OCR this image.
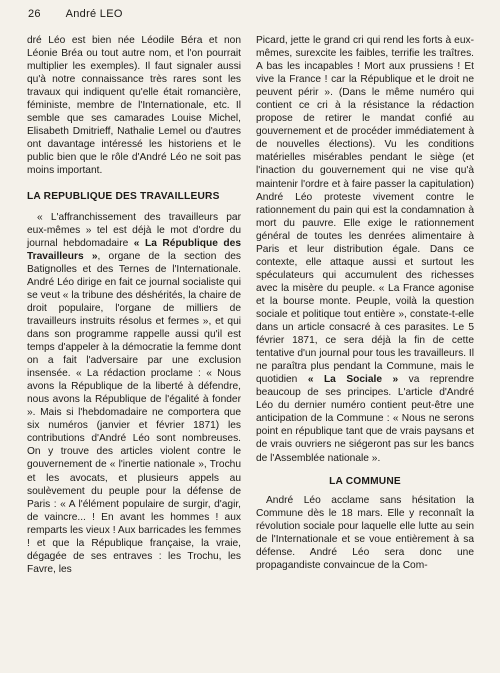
26 André LEO

dré Léo est bien née Léodile Béra et non Léonie Bréa ou tout autre nom, et l'on pourrait multiplier les exemples). Il faut signaler aussi qu'à notre connaissance très rares sont les travaux qui indiquent qu'elle était romancière, féministe, membre de l'Internationale, etc. Il semble que ses camarades Louise Michel, Elisabeth Dmitrieff, Nathalie Lemel ou d'autres ont davantage intéressé les historiens et le public bien que le rôle d'André Léo ne soit pas moins important.

LA REPUBLIQUE DES TRAVAILLEURS

« L'affranchissement des travailleurs par eux-mêmes » tel est déjà le mot d'ordre du journal hebdomadaire « La République des Travailleurs », organe de la section des Batignolles et des Ternes de l'Internationale. André Léo dirige en fait ce journal socialiste qui se veut « la tribune des déshérités, la chaire de droit populaire, l'organe de milliers de travailleurs instruits résolus et fermes », et qui dans son programme rappelle aussi qu'il est temps d'appeler à la démocratie la femme dont on a fait l'adversaire par une exclusion insensée. « La rédaction proclame : « Nous avons la République de la liberté à défendre, nous avons la République de l'égalité à fonder ». Mais si l'hebdomadaire ne comportera que six numéros (janvier et février 1871) les contributions d'André Léo sont nombreuses. On y trouve des articles violent contre le gouvernement de « l'inertie nationale », Trochu et les avocats, et plusieurs appels au soulèvement du peuple pour la défense de Paris : « A l'élément populaire de surgir, d'agir, de vaincre... ! En avant les hommes ! aux remparts les vieux ! Aux barricades les femmes ! et que la République française, la vraie, dégagée de ses entraves : les Trochu, les Favre, les

Picard, jette le grand cri qui rend les forts à eux-mêmes, surexcite les faibles, terrifie les traîtres. A bas les incapables ! Mort aux prussiens ! Et vive la France ! car la République et le droit ne peuvent périr ». (Dans le même numéro qui contient ce cri à la résistance la rédaction propose de retirer le mandat confié au gouvernement et de procéder immédiatement à de nouvelles élections). Vu les conditions matérielles misérables pendant le siège (et l'inaction du gouvernement qui ne vise qu'à maintenir l'ordre et à faire passer la capitulation) André Léo proteste vivement contre le rationnement du pain qui est la condamnation à mort du pauvre. Elle exige le rationnement général de toutes les denrées alimentaire à Paris et leur distribution égale. Dans ce contexte, elle attaque aussi et surtout les spéculateurs qui accumulent des richesses avec la misère du peuple. « La France agonise et la bourse monte. Peuple, voilà la question sociale et politique tout entière », constate-t-elle dans un article consacré à ces parasites. Le 5 février 1871, ce sera déjà la fin de cette tentative d'un journal pour tous les travailleurs. Il ne paraîtra plus pendant la Commune, mais le quotidien « La Sociale » va reprendre beaucoup de ses principes. L'article d'André Léo du dernier numéro contient peut-être une anticipation de la Commune : « Nous ne serons point en république tant que de vrais paysans et de vrais ouvriers ne siégeront pas sur les bancs de l'Assemblée nationale ».

LA COMMUNE

André Léo acclame sans hésitation la Commune dès le 18 mars. Elle y reconnaît la révolution sociale pour laquelle elle lutte au sein de l'Internationale et se voue entièrement à sa défense. André Léo sera donc une propagandiste convaincue de la Com-
